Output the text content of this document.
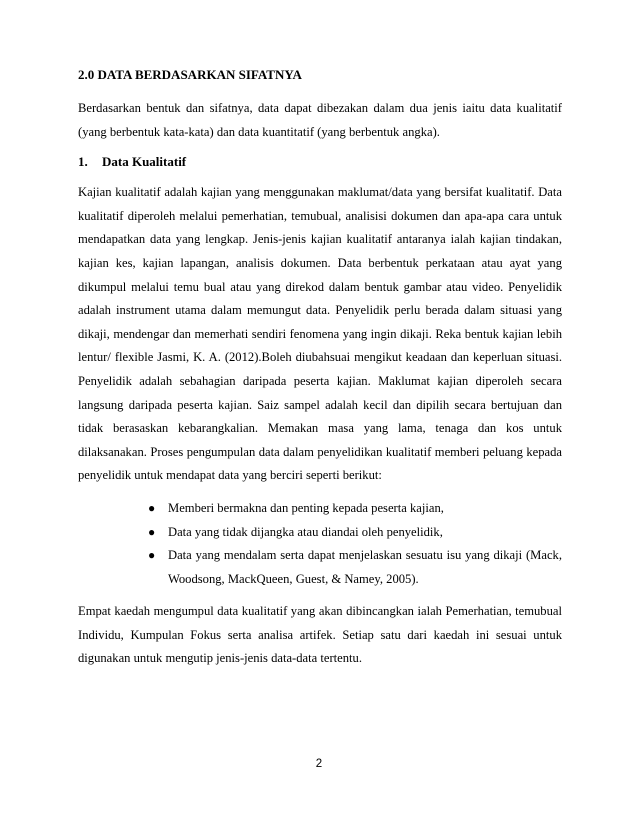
2.0 DATA BERDASARKAN SIFATNYA

Berdasarkan bentuk dan sifatnya, data dapat dibezakan dalam dua jenis iaitu data kualitatif (yang berbentuk kata-kata) dan data kuantitatif (yang berbentuk angka).

1.	Data Kualitatif

Kajian kualitatif adalah kajian yang menggunakan maklumat/data yang bersifat kualitatif. Data kualitatif diperoleh melalui pemerhatian, temubual, analisisi dokumen dan apa-apa cara untuk mendapatkan data yang lengkap. Jenis-jenis kajian kualitatif antaranya ialah kajian tindakan, kajian kes, kajian lapangan, analisis dokumen. Data berbentuk perkataan atau ayat yang dikumpul melalui temu bual atau yang direkod dalam bentuk gambar atau video. Penyelidik adalah instrument utama dalam memungut data. Penyelidik perlu berada dalam situasi yang dikaji, mendengar dan memerhati sendiri fenomena yang ingin dikaji. Reka bentuk kajian lebih lentur/ flexible Jasmi, K. A. (2012).Boleh diubahsuai mengikut keadaan dan keperluan situasi. Penyelidik adalah sebahagian daripada peserta kajian. Maklumat kajian diperoleh secara langsung daripada peserta kajian. Saiz sampel adalah kecil dan dipilih secara bertujuan dan tidak berasaskan kebarangkalian. Memakan masa yang lama, tenaga dan kos untuk dilaksanakan. Proses pengumpulan data dalam penyelidikan kualitatif memberi peluang kepada penyelidik untuk mendapat data yang berciri seperti berikut:

● Memberi bermakna dan penting kepada peserta kajian,
● Data yang tidak dijangka atau diandai oleh penyelidik,
● Data yang mendalam serta dapat menjelaskan sesuatu isu yang dikaji (Mack, Woodsong, MackQueen, Guest, & Namey, 2005).

Empat kaedah mengumpul data kualitatif yang akan dibincangkan ialah Pemerhatian, temubual Individu, Kumpulan Fokus serta analisa artifek. Setiap satu dari kaedah ini sesuai untuk digunakan untuk mengutip jenis-jenis data-data tertentu.

2
